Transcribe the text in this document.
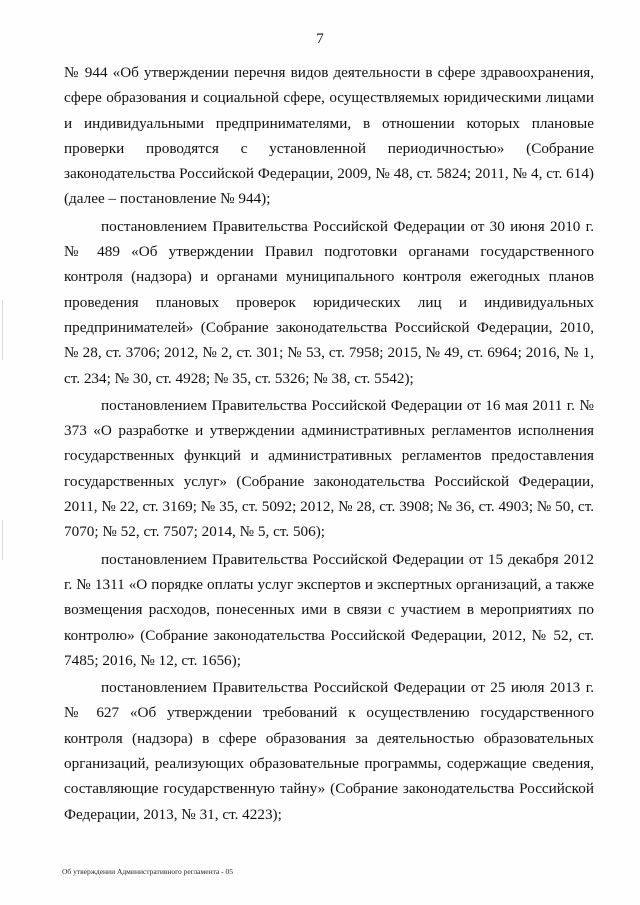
7

№ 944 «Об утверждении перечня видов деятельности в сфере здравоохранения, сфере образования и социальной сфере, осуществляемых юридическими лицами и индивидуальными предпринимателями, в отношении которых плановые проверки проводятся с установленной периодичностью» (Собрание законодательства Российской Федерации, 2009, № 48, ст. 5824; 2011, № 4, ст. 614) (далее – постановление № 944);

постановлением Правительства Российской Федерации от 30 июня 2010 г. № 489 «Об утверждении Правил подготовки органами государственного контроля (надзора) и органами муниципального контроля ежегодных планов проведения плановых проверок юридических лиц и индивидуальных предпринимателей» (Собрание законодательства Российской Федерации, 2010, № 28, ст. 3706; 2012, № 2, ст. 301; № 53, ст. 7958; 2015, № 49, ст. 6964; 2016, № 1, ст. 234; № 30, ст. 4928; № 35, ст. 5326; № 38, ст. 5542);

постановлением Правительства Российской Федерации от 16 мая 2011 г. № 373 «О разработке и утверждении административных регламентов исполнения государственных функций и административных регламентов предоставления государственных услуг» (Собрание законодательства Российской Федерации, 2011, № 22, ст. 3169; № 35, ст. 5092; 2012, № 28, ст. 3908; № 36, ст. 4903; № 50, ст. 7070; № 52, ст. 7507; 2014, № 5, ст. 506);

постановлением Правительства Российской Федерации от 15 декабря 2012 г. № 1311 «О порядке оплаты услуг экспертов и экспертных организаций, а также возмещения расходов, понесенных ими в связи с участием в мероприятиях по контролю» (Собрание законодательства Российской Федерации, 2012, № 52, ст. 7485; 2016, № 12, ст. 1656);

постановлением Правительства Российской Федерации от 25 июля 2013 г. № 627 «Об утверждении требований к осуществлению государственного контроля (надзора) в сфере образования за деятельностью образовательных организаций, реализующих образовательные программы, содержащие сведения, составляющие государственную тайну» (Собрание законодательства Российской Федерации, 2013, № 31, ст. 4223);

Об утверждении Административного регламента - 05
